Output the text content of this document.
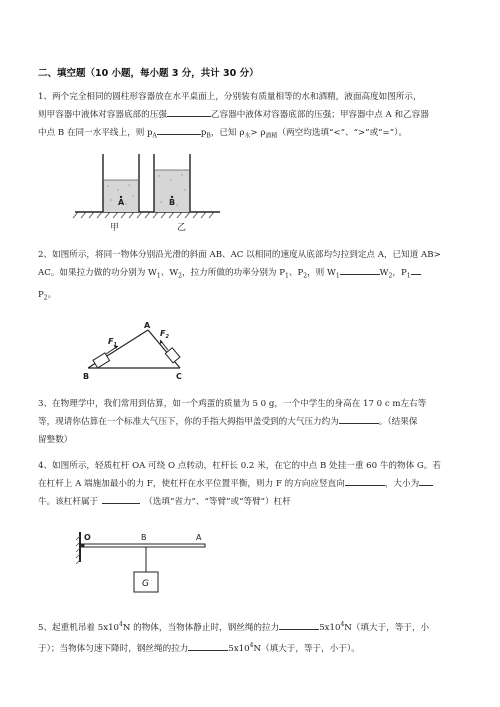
二、填空题（10 小题，每小题 3 分，共计 30 分）
1、两个完全相同的圆柱形容器放在水平桌面上，分别装有质量相等的水和酒精，液面高度如图所示，
则甲容器中液体对容器底部的压强	乙容器中液体对容器底部的压强；甲容器中点 A 和乙容器
中点 B 在同一水平线上，则 $p_A$	$p_B$，已知 $\rho_水> \rho_{酒精}$（两空均选填“<”、“>”或“=”）。
A	B
甲	乙
2、如图所示，将同一物体分别沿光滑的斜面 AB、AC 以相同的速度从底部均匀拉到定点 A，已知道 AB>
AC。如果拉力做的功分别为 $W_1$、$W_2$，拉力所做的功率分别为 $P_1$、$P_2$，则 $W_1$	$W_2$，$P_1$
$P_2$。
$F_1$
$F_2$
A
B	C
3、在物理学中，我们常用到估算，如一个鸡蛋的质量为 5 0 g，一个中学生的身高在 17 0 c m左右等
等，现请你估算在一个标准大气压下，你的手指大拇指甲盖受到的大气压力约为	。（结果保
留整数）
4、如图所示，轻质杠杆 OA 可绕 O 点转动，杠杆长 0.2 米，在它的中点 B 处挂一重 60 牛的物体 G。若
在杠杆上 A 端施加最小的力 F，使杠杆在水平位置平衡，则力 F 的方向应竖直向	，大小为
牛。该杠杆属于	（选填“省力”、“等臂”或“等臂”）杠杆
G
O	B	A
5、起重机吊着 $5x10^4N$ 的物体，当物体静止时，钢丝绳的拉力	$5x10^4N$（填大于，等于，小
于）；当物体匀速下降时，钢丝绳的拉力	$5x10^4N$（填大于，等于，小于）。
